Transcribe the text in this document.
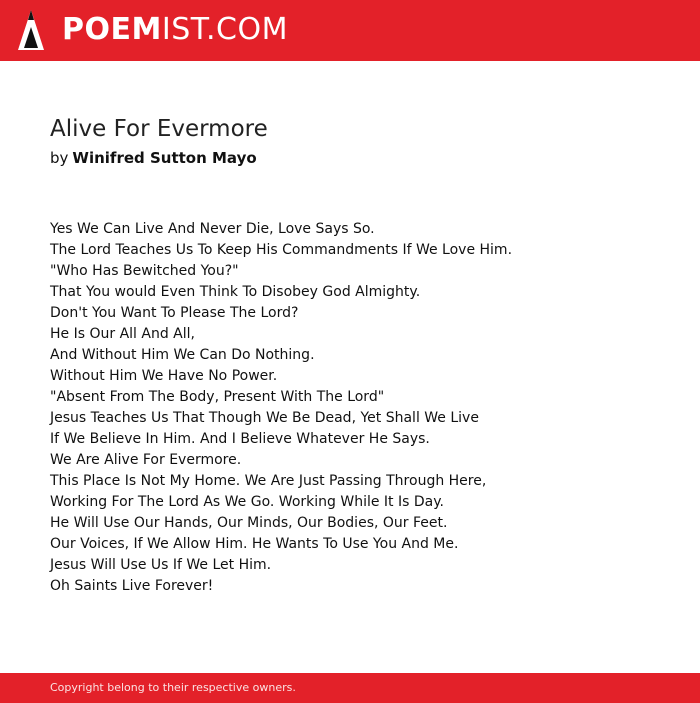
POEMIST.COM
Alive For Evermore
by Winifred Sutton Mayo
Yes We Can Live And Never Die, Love Says So.
The Lord Teaches Us To Keep His Commandments If We Love Him.
"Who Has Bewitched You?"
That You would Even Think To Disobey God Almighty.
Don't You Want To Please The Lord?
He Is Our All And All,
And Without Him We Can Do Nothing.
Without Him We Have No Power.
"Absent From The Body, Present With The Lord"
Jesus Teaches Us That Though We Be Dead, Yet Shall We Live
If We Believe In Him. And I Believe Whatever He Says.
We Are Alive For Evermore.
This Place Is Not My Home. We Are Just Passing Through Here,
Working For The Lord As We Go. Working While It Is Day.
He Will Use Our Hands, Our Minds, Our Bodies, Our Feet.
Our Voices, If We Allow Him. He Wants To Use You And Me.
Jesus Will Use Us If We Let Him.
Oh Saints Live Forever!
Copyright belong to their respective owners.
